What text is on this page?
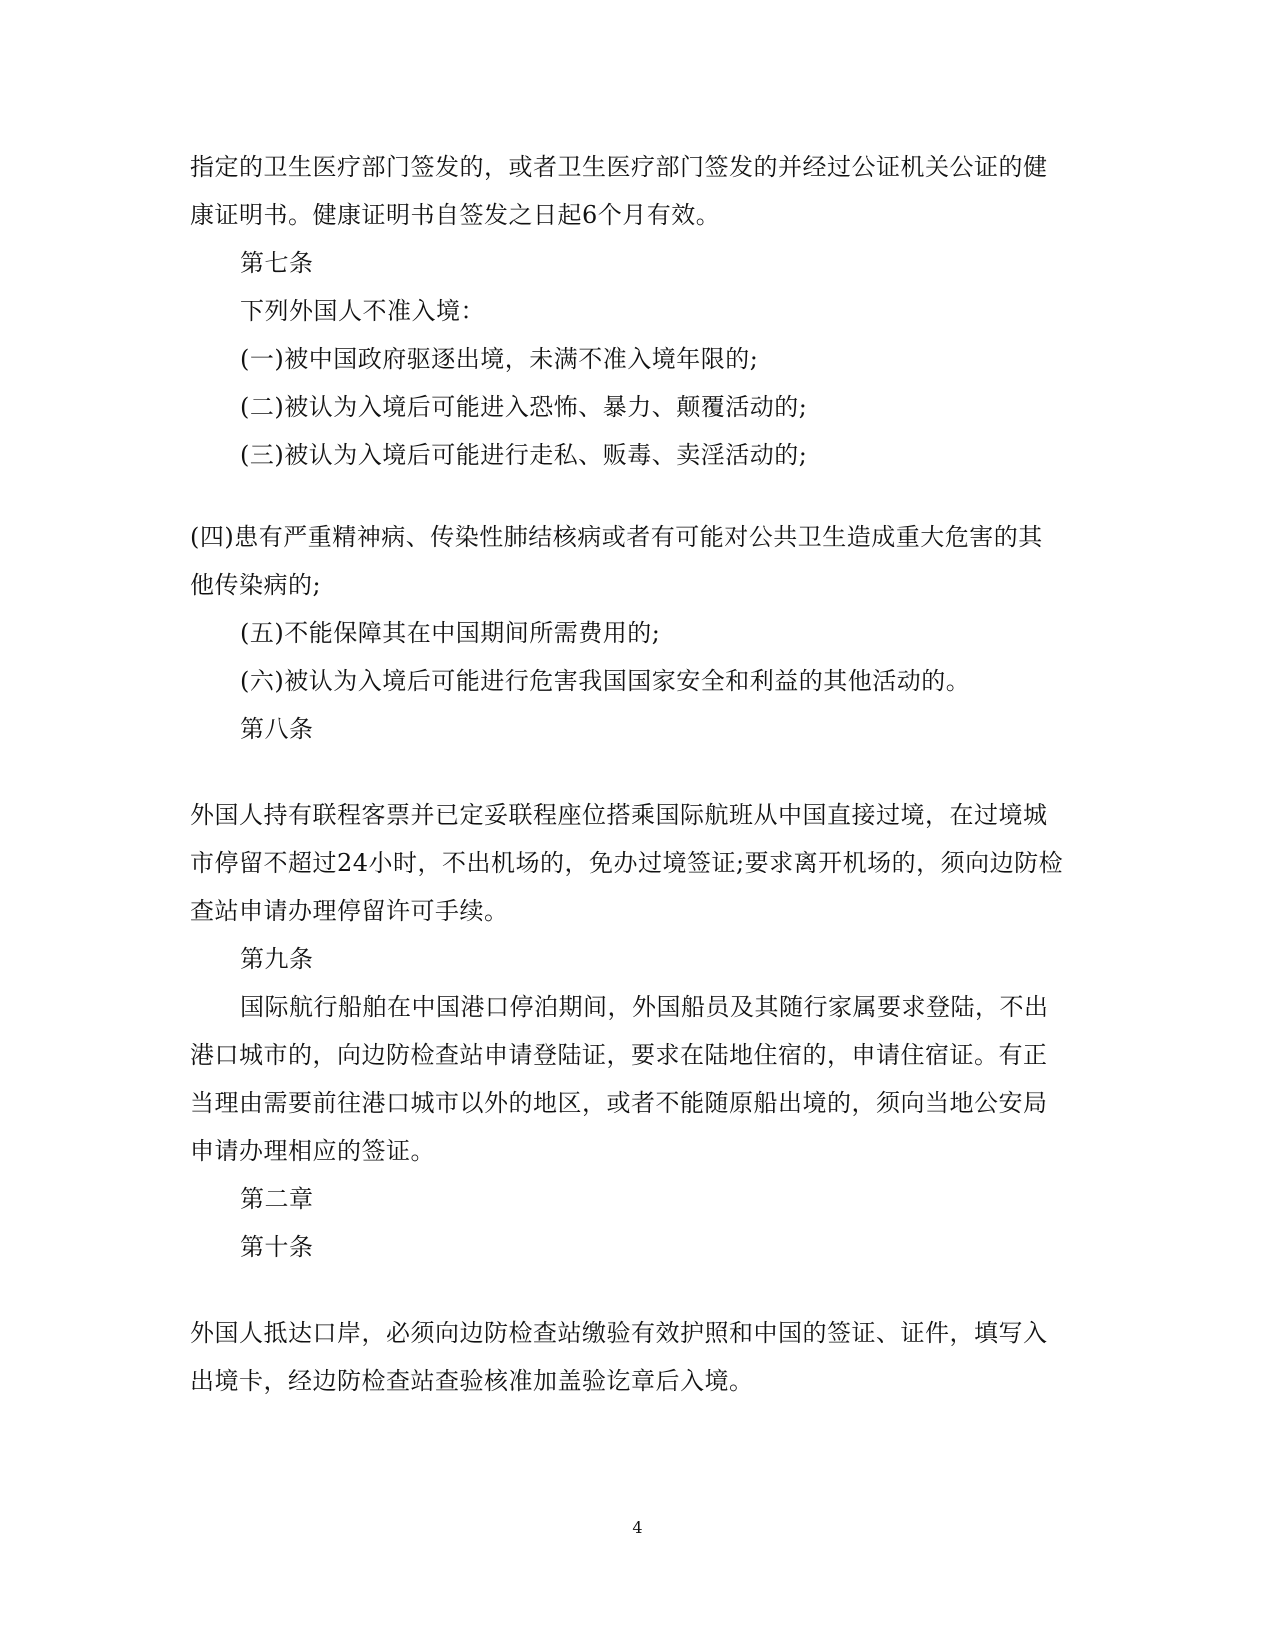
指定的卫生医疗部门签发的，或者卫生医疗部门签发的并经过公证机关公证的健
康证明书。健康证明书自签发之日起6个月有效。
第七条
下列外国人不准入境：
(一)被中国政府驱逐出境，未满不准入境年限的;
(二)被认为入境后可能进入恐怖、暴力、颠覆活动的;
(三)被认为入境后可能进行走私、贩毒、卖淫活动的;
(四)患有严重精神病、传染性肺结核病或者有可能对公共卫生造成重大危害的其
他传染病的;
(五)不能保障其在中国期间所需费用的;
(六)被认为入境后可能进行危害我国国家安全和利益的其他活动的。
第八条
外国人持有联程客票并已定妥联程座位搭乘国际航班从中国直接过境，在过境城
市停留不超过24小时，不出机场的，免办过境签证;要求离开机场的，须向边防检
查站申请办理停留许可手续。
第九条
国际航行船舶在中国港口停泊期间，外国船员及其随行家属要求登陆，不出
港口城市的，向边防检查站申请登陆证，要求在陆地住宿的，申请住宿证。有正
当理由需要前往港口城市以外的地区，或者不能随原船出境的，须向当地公安局
申请办理相应的签证。
第二章
第十条
外国人抵达口岸，必须向边防检查站缴验有效护照和中国的签证、证件，填写入
出境卡，经边防检查站查验核准加盖验讫章后入境。
4
